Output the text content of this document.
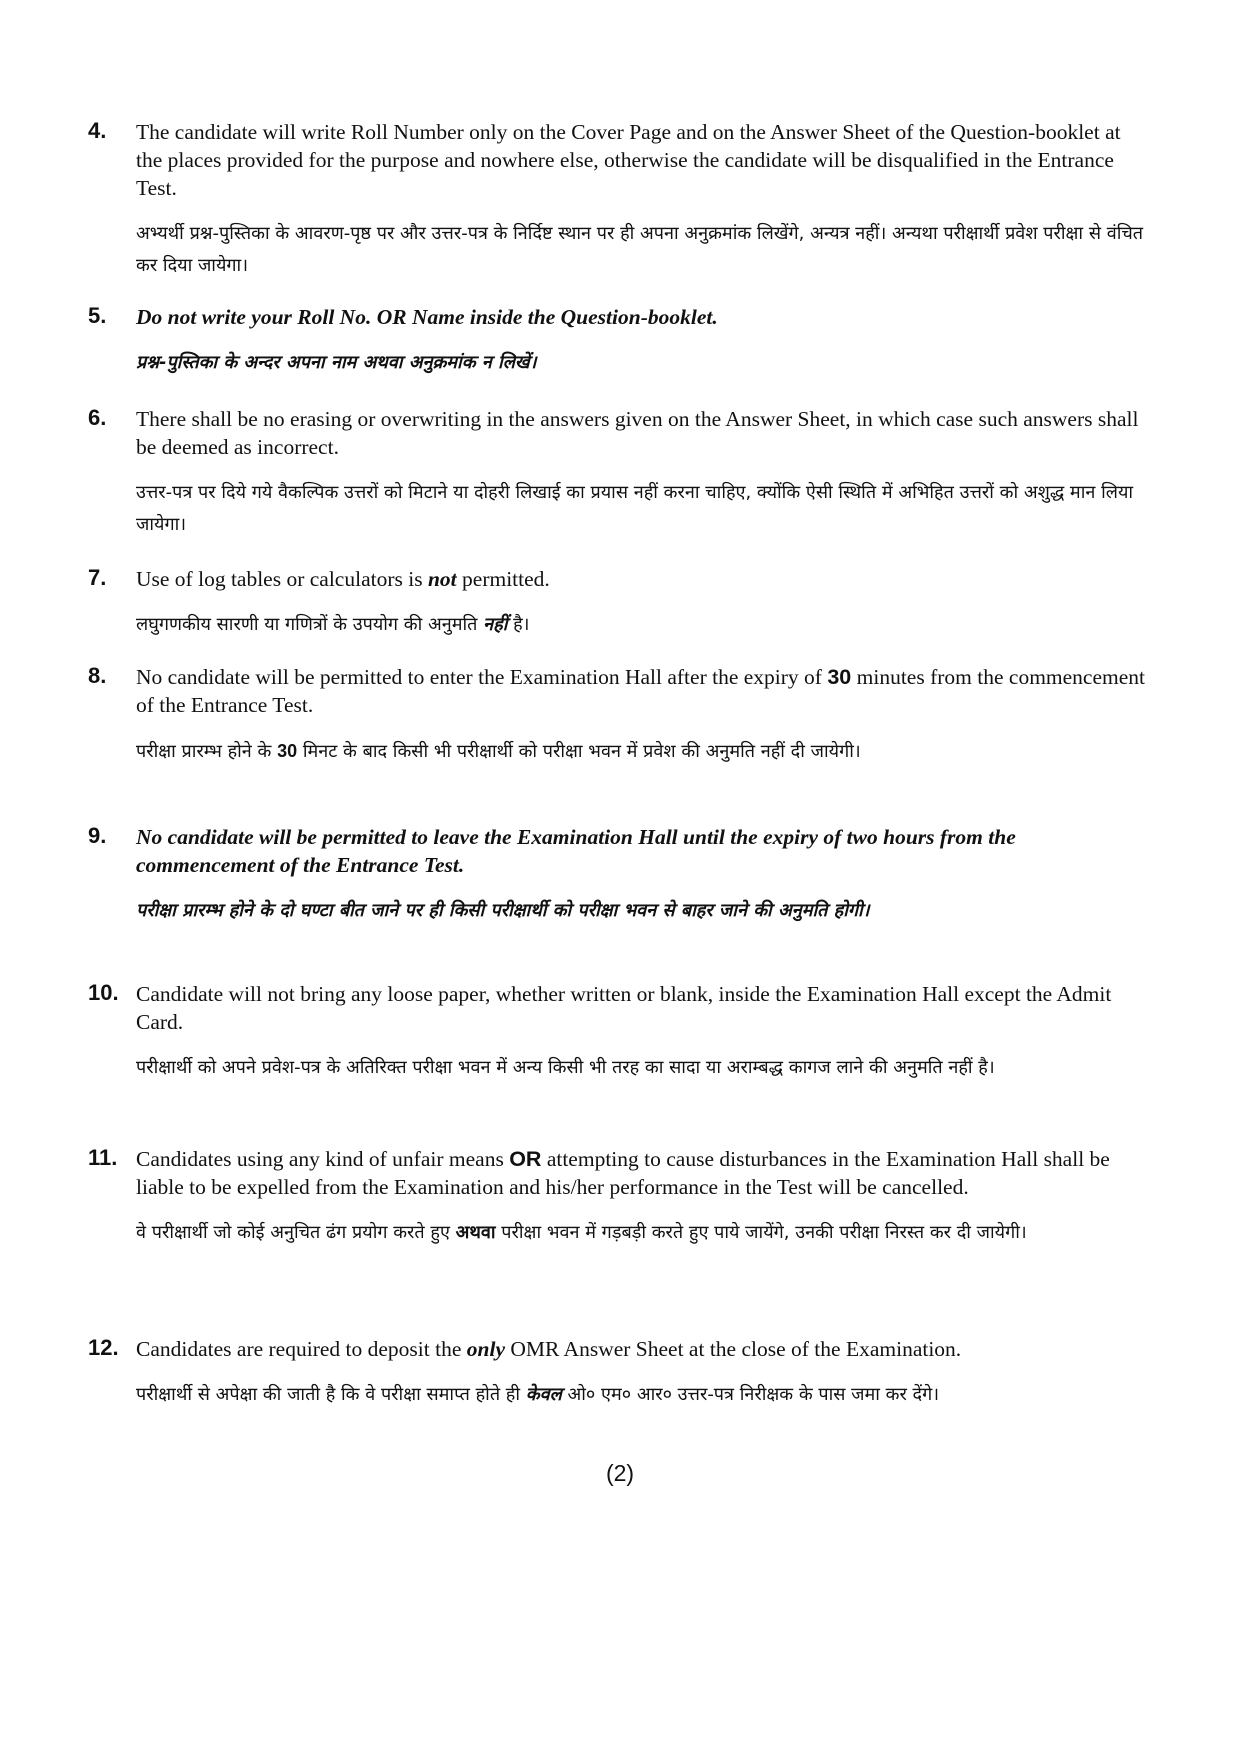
4. The candidate will write Roll Number only on the Cover Page and on the Answer Sheet of the Question-booklet at the places provided for the purpose and nowhere else, otherwise the candidate will be disqualified in the Entrance Test.
अभ्यर्थी प्रश्न-पुस्तिका के आवरण-पृष्ठ पर और उत्तर-पत्र के निर्दिष्ट स्थान पर ही अपना अनुक्रमांक लिखेंगे, अन्यत्र नहीं। अन्यथा परीक्षार्थी प्रवेश परीक्षा से वंचित कर दिया जायेगा।
5. Do not write your Roll No. OR Name inside the Question-booklet.
प्रश्न-पुस्तिका के अन्दर अपना नाम अथवा अनुक्रमांक न लिखें।
6. There shall be no erasing or overwriting in the answers given on the Answer Sheet, in which case such answers shall be deemed as incorrect.
उत्तर-पत्र पर दिये गये वैकल्पिक उत्तरों को मिटाने या दोहरी लिखाई का प्रयास नहीं करना चाहिए, क्योंकि ऐसी स्थिति में अभिहित उत्तरों को अशुद्ध मान लिया जायेगा।
7. Use of log tables or calculators is not permitted.
लघुगणकीय सारणी या गणित्रों के उपयोग की अनुमति नहीं है।
8. No candidate will be permitted to enter the Examination Hall after the expiry of 30 minutes from the commencement of the Entrance Test.
परीक्षा प्रारम्भ होने के 30 मिनट के बाद किसी भी परीक्षार्थी को परीक्षा भवन में प्रवेश की अनुमति नहीं दी जायेगी।
9. No candidate will be permitted to leave the Examination Hall until the expiry of two hours from the commencement of the Entrance Test.
परीक्षा प्रारम्भ होने के दो घण्टा बीत जाने पर ही किसी परीक्षार्थी को परीक्षा भवन से बाहर जाने की अनुमति होगी।
10. Candidate will not bring any loose paper, whether written or blank, inside the Examination Hall except the Admit Card.
परीक्षार्थी को अपने प्रवेश-पत्र के अतिरिक्त परीक्षा भवन में अन्य किसी भी तरह का सादा या अराम्बद्ध कागज लाने की अनुमति नहीं है।
11. Candidates using any kind of unfair means OR attempting to cause disturbances in the Examination Hall shall be liable to be expelled from the Examination and his/her performance in the Test will be cancelled.
वे परीक्षार्थी जो कोई अनुचित ढंग प्रयोग करते हुए अथवा परीक्षा भवन में गड़बड़ी करते हुए पाये जायेंगे, उनकी परीक्षा निरस्त कर दी जायेगी।
12. Candidates are required to deposit the only OMR Answer Sheet at the close of the Examination.
परीक्षार्थी से अपेक्षा की जाती है कि वे परीक्षा समाप्त होते ही केवल ओ० एम० आर० उत्तर-पत्र निरीक्षक के पास जमा कर देंगे।
(2)
